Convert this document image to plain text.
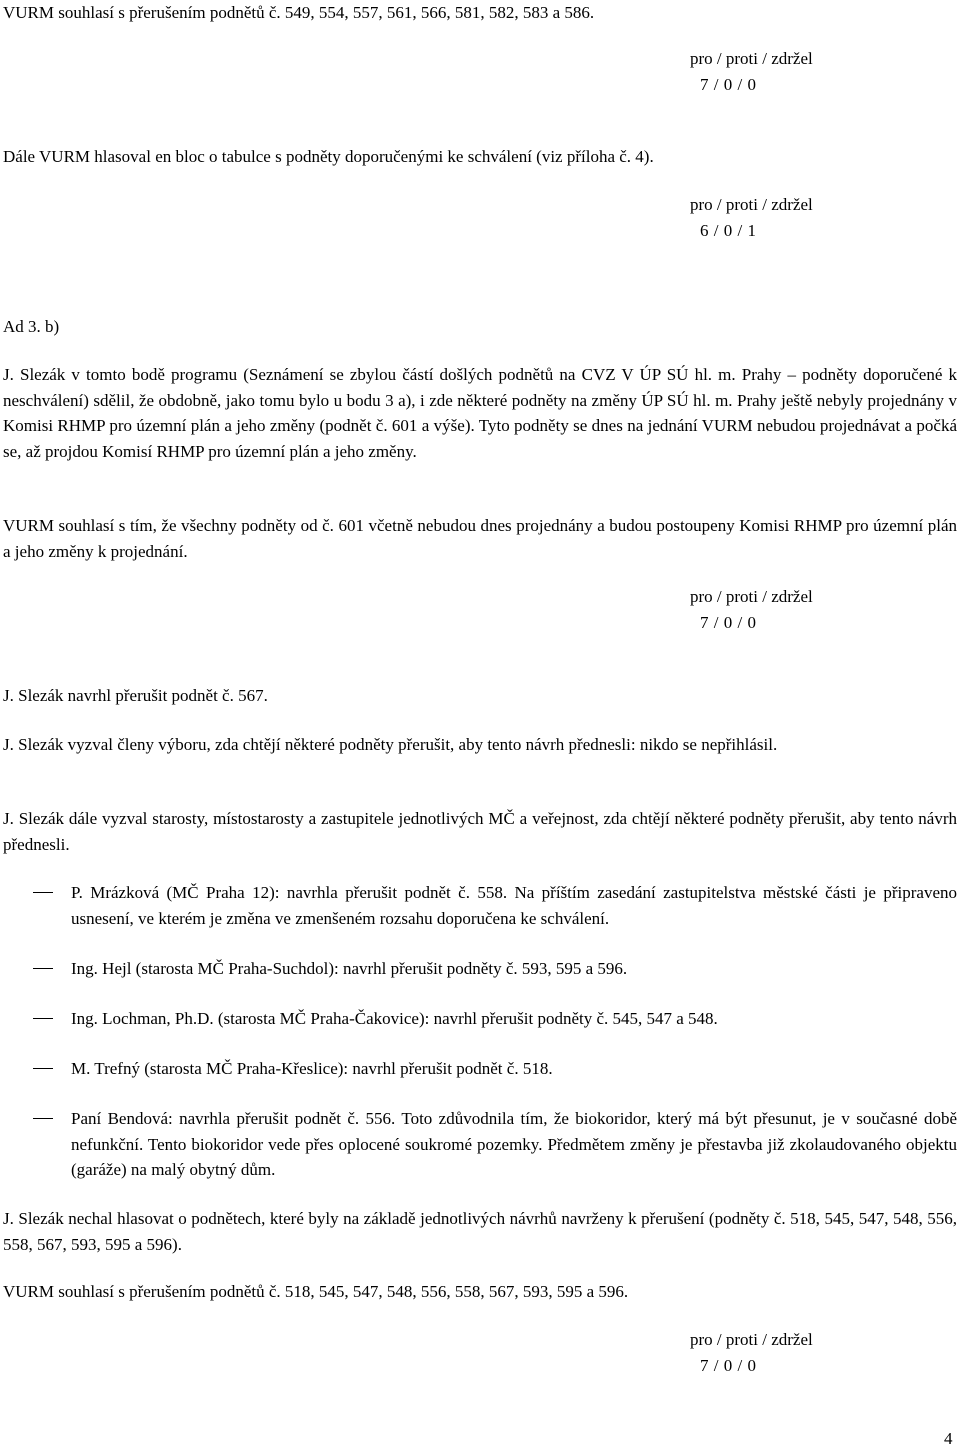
VURM souhlasí s přerušením podnětů č. 549, 554, 557, 561, 566, 581, 582, 583 a 586.

pro / proti / zdržel
7 / 0 / 0

Dále VURM hlasoval en bloc o tabulce s podněty doporučenými ke schválení (viz příloha č. 4).

pro / proti / zdržel
6 / 0 / 1

Ad 3. b)

J. Slezák v tomto bodě programu (Seznámení se zbylou částí došlých podnětů na CVZ V ÚP SÚ hl. m. Prahy – podněty doporučené k neschválení) sdělil, že obdobně, jako tomu bylo u bodu 3 a), i zde některé podněty na změny ÚP SÚ hl. m. Prahy ještě nebyly projednány v Komisi RHMP pro územní plán a jeho změny (podnět č. 601 a výše). Tyto podněty se dnes na jednání VURM nebudou projednávat a počká se, až projdou Komisí RHMP pro územní plán a jeho změny.

VURM souhlasí s tím, že všechny podněty od č. 601 včetně nebudou dnes projednány a budou postoupeny Komisi RHMP pro územní plán a jeho změny k projednání.

pro / proti / zdržel
7 / 0 / 0

J. Slezák navrhl přerušit podnět č. 567.

J. Slezák vyzval členy výboru, zda chtějí některé podněty přerušit, aby tento návrh přednesli: nikdo se nepřihlásil.

J. Slezák dále vyzval starosty, místostarosty a zastupitele jednotlivých MČ a veřejnost, zda chtějí některé podněty přerušit, aby tento návrh přednesli.

P. Mrázková (MČ Praha 12): navrhla přerušit podnět č. 558. Na příštím zasedání zastupitelstva městské části je připraveno usnesení, ve kterém je změna ve zmenšeném rozsahu doporučena ke schválení.

Ing. Hejl (starosta MČ Praha-Suchdol): navrhl přerušit podněty č. 593, 595 a 596.

Ing. Lochman, Ph.D. (starosta MČ Praha-Čakovice): navrhl přerušit podněty č. 545, 547 a 548.

M. Trefný (starosta MČ Praha-Křeslice): navrhl přerušit podnět č. 518.

Paní Bendová: navrhla přerušit podnět č. 556. Toto zdůvodnila tím, že biokoridor, který má být přesunut, je v současné době nefunkční. Tento biokoridor vede přes oplocené soukromé pozemky. Předmětem změny je přestavba již zkolaudovaného objektu (garáže) na malý obytný dům.

J. Slezák nechal hlasovat o podnětech, které byly na základě jednotlivých návrhů navrženy k přerušení (podněty č. 518, 545, 547, 548, 556, 558, 567, 593, 595 a 596).

VURM souhlasí s přerušením podnětů č. 518, 545, 547, 548, 556, 558, 567, 593, 595 a 596.

pro / proti / zdržel
7 / 0 / 0
4
